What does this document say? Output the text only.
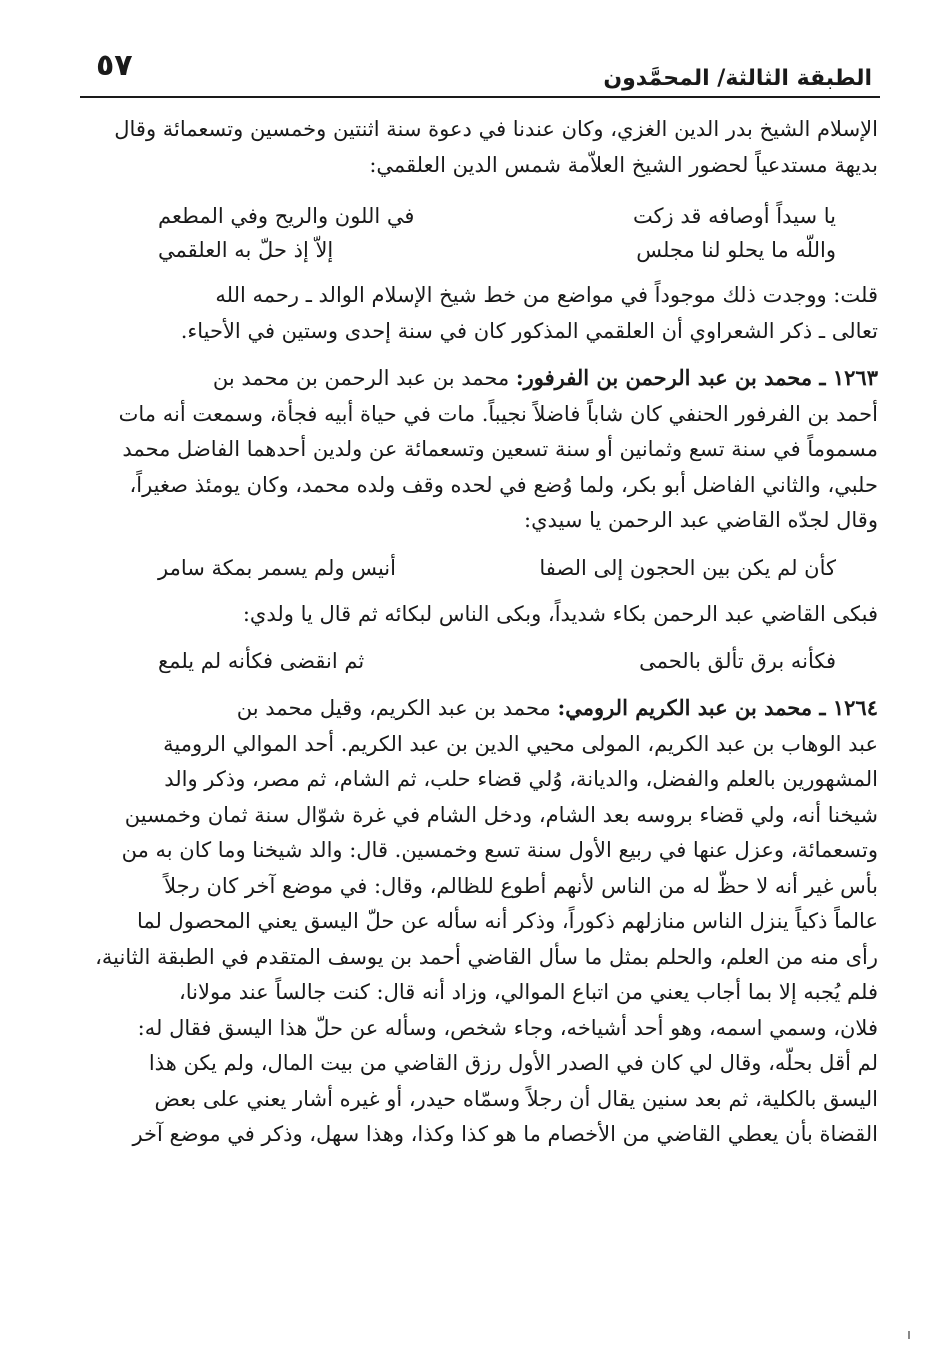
الطبقة الثالثة/ المحمَّدون
٥٧

الإسلام الشيخ بدر الدين الغزي، وكان عندنا في دعوة سنة اثنتين وخمسين وتسعمائة وقال

بديهة مستدعياً لحضور الشيخ العلاّمة شمس الدين العلقمي:

يا سيداً أوصافه قد زكت
في اللون والريح وفي المطعم
واللّه ما يحلو لنا مجلس
إلاّ إذ حلّ به العلقمي

قلت: ووجدت ذلك موجوداً في مواضع من خط شيخ الإسلام الوالد ـ رحمه الله

تعالى ـ ذكر الشعراوي أن العلقمي المذكور كان في سنة إحدى وستين في الأحياء.

١٢٦٣ ـ محمد بن عبد الرحمن بن الفرفور: محمد بن عبد الرحمن بن محمد بن

أحمد بن الفرفور الحنفي كان شاباً فاضلاً نجيباً. مات في حياة أبيه فجأة، وسمعت أنه مات

مسموماً في سنة تسع وثمانين أو سنة تسعين وتسعمائة عن ولدين أحدهما الفاضل محمد

حلبي، والثاني الفاضل أبو بكر، ولما وُضع في لحده وقف ولده محمد، وكان يومئذ صغيراً،

وقال لجدّه القاضي عبد الرحمن يا سيدي:

كأن لم يكن بين الحجون إلى الصفا
أنيس ولم يسمر بمكة سامر

فبكى القاضي عبد الرحمن بكاء شديداً، وبكى الناس لبكائه ثم قال يا ولدي:

فكأنه برق تألق بالحمى
ثم انقضى فكأنه لم يلمع

١٢٦٤ ـ محمد بن عبد الكريم الرومي: محمد بن عبد الكريم، وقيل محمد بن

عبد الوهاب بن عبد الكريم، المولى محيي الدين بن عبد الكريم. أحد الموالي الرومية

المشهورين بالعلم والفضل، والديانة، وُلي قضاء حلب، ثم الشام، ثم مصر، وذكر والد

شيخنا أنه، ولي قضاء بروسه بعد الشام، ودخل الشام في غرة شوّال سنة ثمان وخمسين

وتسعمائة، وعزل عنها في ربيع الأول سنة تسع وخمسين. قال: والد شيخنا وما كان به من

بأس غير أنه لا حظّ له من الناس لأنهم أطوع للظالم، وقال: في موضع آخر كان رجلاً

عالماً ذكياً ينزل الناس منازلهم ذكوراً، وذكر أنه سأله عن حلّ اليسق يعني المحصول لما

رأى منه من العلم، والحلم بمثل ما سأل القاضي أحمد بن يوسف المتقدم في الطبقة الثانية،

فلم يُجبه إلا بما أجاب يعني من اتباع الموالي، وزاد أنه قال: كنت جالساً عند مولانا،

فلان، وسمي اسمه، وهو أحد أشياخه، وجاء شخص، وسأله عن حلّ هذا اليسق فقال له:

لم أقل بحلّه، وقال لي كان في الصدر الأول رزق القاضي من بيت المال، ولم يكن هذا

اليسق بالكلية، ثم بعد سنين يقال أن رجلاً وسمّاه حيدر، أو غيره أشار يعني على بعض

القضاة بأن يعطي القاضي من الأخصام ما هو كذا وكذا، وهذا سهل، وذكر في موضع آخر
